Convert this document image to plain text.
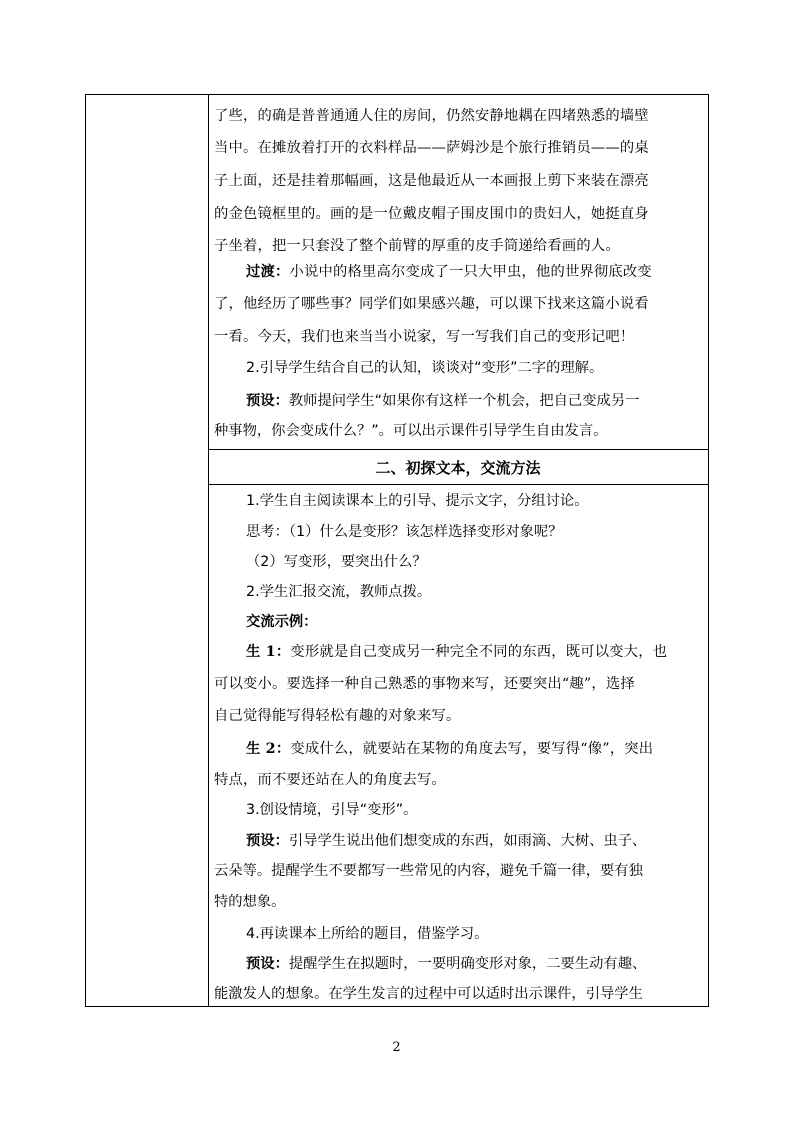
了些，的确是普普通通人住的房间，仍然安静地耦在四堵熟悉的墙壁
当中。在摊放着打开的衣料样品——萨姆沙是个旅行推销员——的桌
子上面，还是挂着那幅画，这是他最近从一本画报上剪下来装在漂亮
的金色镜框里的。画的是一位戴皮帽子围皮围巾的贵妇人，她挺直身
子坐着，把一只套没了整个前臂的厚重的皮手筒递给看画的人。
过渡：小说中的格里高尔变成了一只大甲虫，他的世界彻底改变
了，他经历了哪些事？同学们如果感兴趣，可以课下找来这篇小说看
一看。今天，我们也来当当小说家，写一写我们自己的变形记吧！
2.引导学生结合自己的认知，谈谈对“变形”二字的理解。
预设：教师提问学生“如果你有这样一个机会，把自己变成另一
种事物，你会变成什么？”。可以出示课件引导学生自由发言。
二、初探文本，交流方法
1.学生自主阅读课本上的引导、提示文字，分组讨论。
思考：（1）什么是变形？该怎样选择变形对象呢？
（2）写变形，要突出什么？
2.学生汇报交流，教师点拨。
交流示例：
生 1：变形就是自己变成另一种完全不同的东西，既可以变大，也
可以变小。要选择一种自己熟悉的事物来写，还要突出“趣”，选择
自己觉得能写得轻松有趣的对象来写。
生 2：变成什么，就要站在某物的角度去写，要写得“像”，突出
特点，而不要还站在人的角度去写。
3.创设情境，引导“变形”。
预设：引导学生说出他们想变成的东西，如雨滴、大树、虫子、
云朵等。提醒学生不要都写一些常见的内容，避免千篇一律，要有独
特的想象。
4.再读课本上所给的题目，借鉴学习。
预设：提醒学生在拟题时，一要明确变形对象，二要生动有趣、
能激发人的想象。在学生发言的过程中可以适时出示课件，引导学生
2
